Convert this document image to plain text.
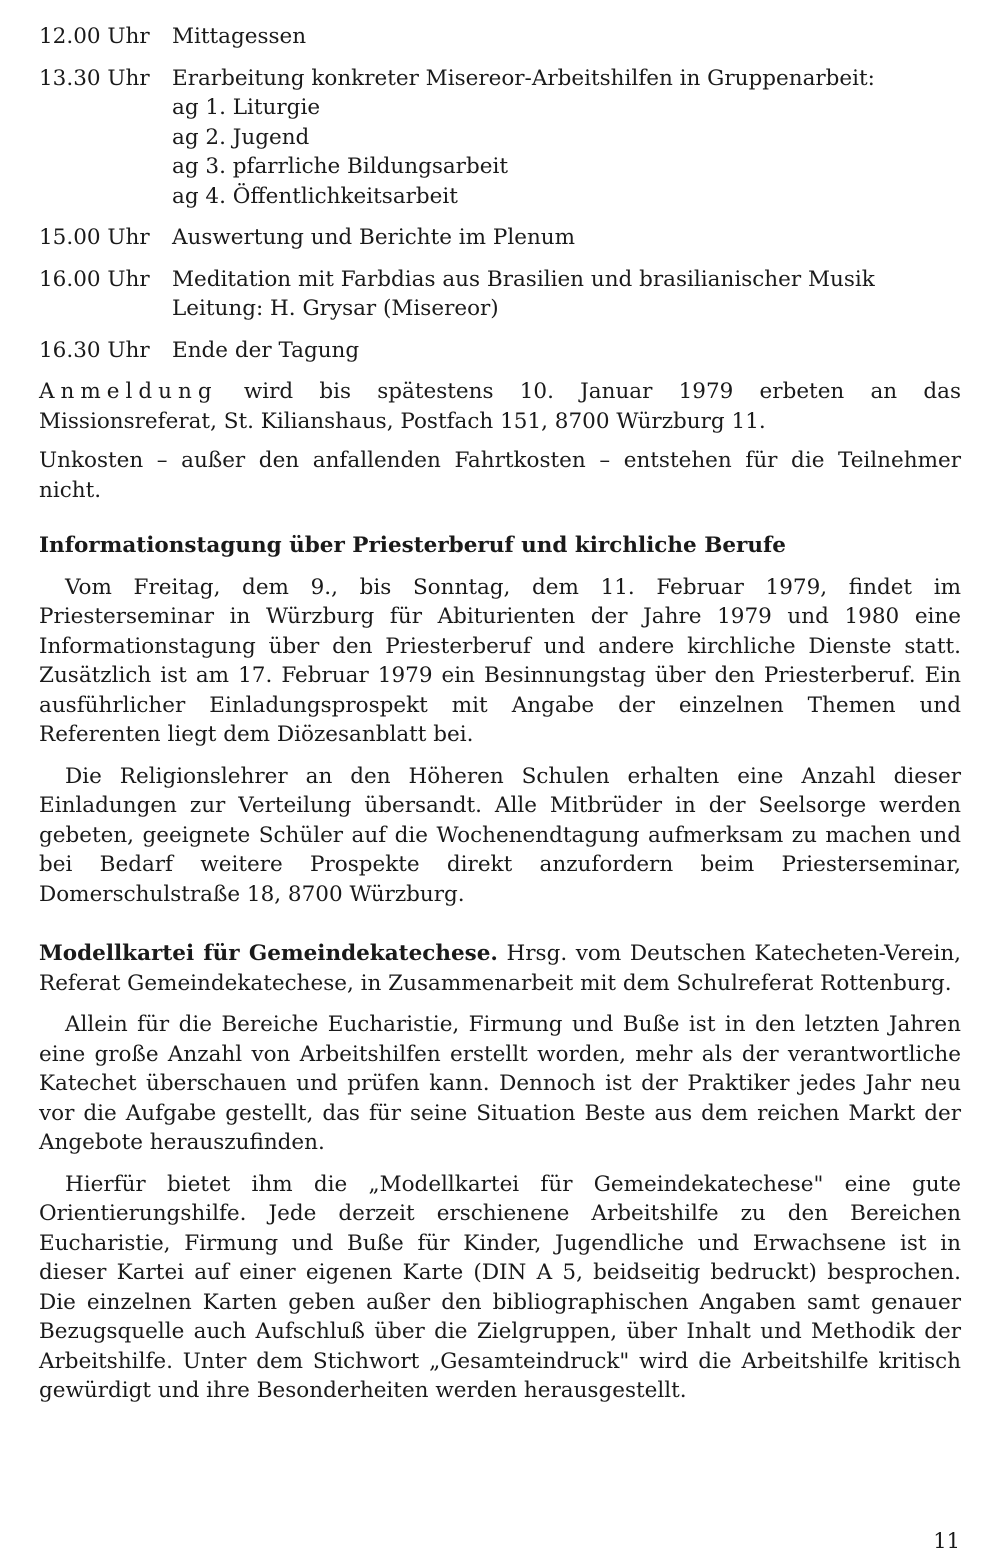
12.00 Uhr	Mittagessen
13.30 Uhr	Erarbeitung konkreter Misereor-Arbeitshilfen in Gruppenarbeit:
ag 1. Liturgie
ag 2. Jugend
ag 3. pfarrliche Bildungsarbeit
ag 4. Öffentlichkeitsarbeit
15.00 Uhr	Auswertung und Berichte im Plenum
16.00 Uhr	Meditation mit Farbdias aus Brasilien und brasilianischer Musik
Leitung: H. Grysar (Misereor)
16.30 Uhr	Ende der Tagung

Anmeldung wird bis spätestens 10. Januar 1979 erbeten an das Missionsreferat, St. Kilianshaus, Postfach 151, 8700 Würzburg 11.

Unkosten – außer den anfallenden Fahrtkosten – entstehen für die Teilnehmer nicht.

Informationstagung über Priesterberuf und kirchliche Berufe

Vom Freitag, dem 9., bis Sonntag, dem 11. Februar 1979, findet im Priesterseminar in Würzburg für Abiturienten der Jahre 1979 und 1980 eine Informationstagung über den Priesterberuf und andere kirchliche Dienste statt. Zusätzlich ist am 17. Februar 1979 ein Besinnungstag über den Priesterberuf. Ein ausführlicher Einladungsprospekt mit Angabe der einzelnen Themen und Referenten liegt dem Diözesanblatt bei.

Die Religionslehrer an den Höheren Schulen erhalten eine Anzahl dieser Einladungen zur Verteilung übersandt. Alle Mitbrüder in der Seelsorge werden gebeten, geeignete Schüler auf die Wochenendtagung aufmerksam zu machen und bei Bedarf weitere Prospekte direkt anzufordern beim Priesterseminar, Domerschulstraße 18, 8700 Würzburg.

Modellkartei für Gemeindekatechese. Hrsg. vom Deutschen Katecheten-Verein, Referat Gemeindekatechese, in Zusammenarbeit mit dem Schulreferat Rottenburg.

Allein für die Bereiche Eucharistie, Firmung und Buße ist in den letzten Jahren eine große Anzahl von Arbeitshilfen erstellt worden, mehr als der verantwortliche Katechet überschauen und prüfen kann. Dennoch ist der Praktiker jedes Jahr neu vor die Aufgabe gestellt, das für seine Situation Beste aus dem reichen Markt der Angebote herauszufinden.

Hierfür bietet ihm die „Modellkartei für Gemeindekatechese" eine gute Orientierungshilfe. Jede derzeit erschienene Arbeitshilfe zu den Bereichen Eucharistie, Firmung und Buße für Kinder, Jugendliche und Erwachsene ist in dieser Kartei auf einer eigenen Karte (DIN A 5, beidseitig bedruckt) besprochen. Die einzelnen Karten geben außer den bibliographischen Angaben samt genauer Bezugsquelle auch Aufschluß über die Zielgruppen, über Inhalt und Methodik der Arbeitshilfe. Unter dem Stichwort „Gesamteindruck" wird die Arbeitshilfe kritisch gewürdigt und ihre Besonderheiten werden herausgestellt.

11
